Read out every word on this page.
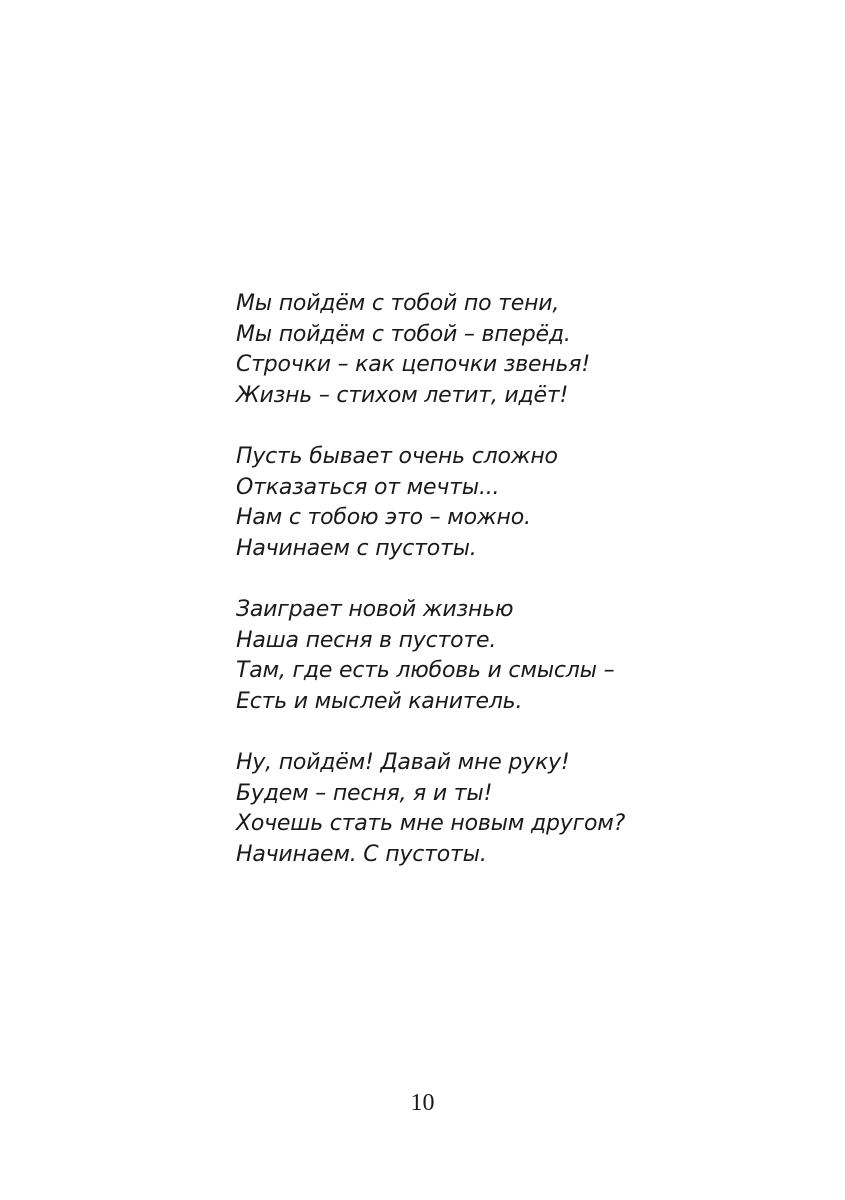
Мы пойдём с тобой по тени,
Мы пойдём с тобой – вперёд.
Строчки – как цепочки звенья!
Жизнь – стихом летит, идёт!
Пусть бывает очень сложно
Отказаться от мечты...
Нам с тобою это – можно.
Начинаем с пустоты.
Заиграет новой жизнью
Наша песня в пустоте.
Там, где есть любовь и смыслы –
Есть и мыслей канитель.
Ну, пойдём! Давай мне руку!
Будем – песня, я и ты!
Хочешь стать мне новым другом?
Начинаем. С пустоты.
10
